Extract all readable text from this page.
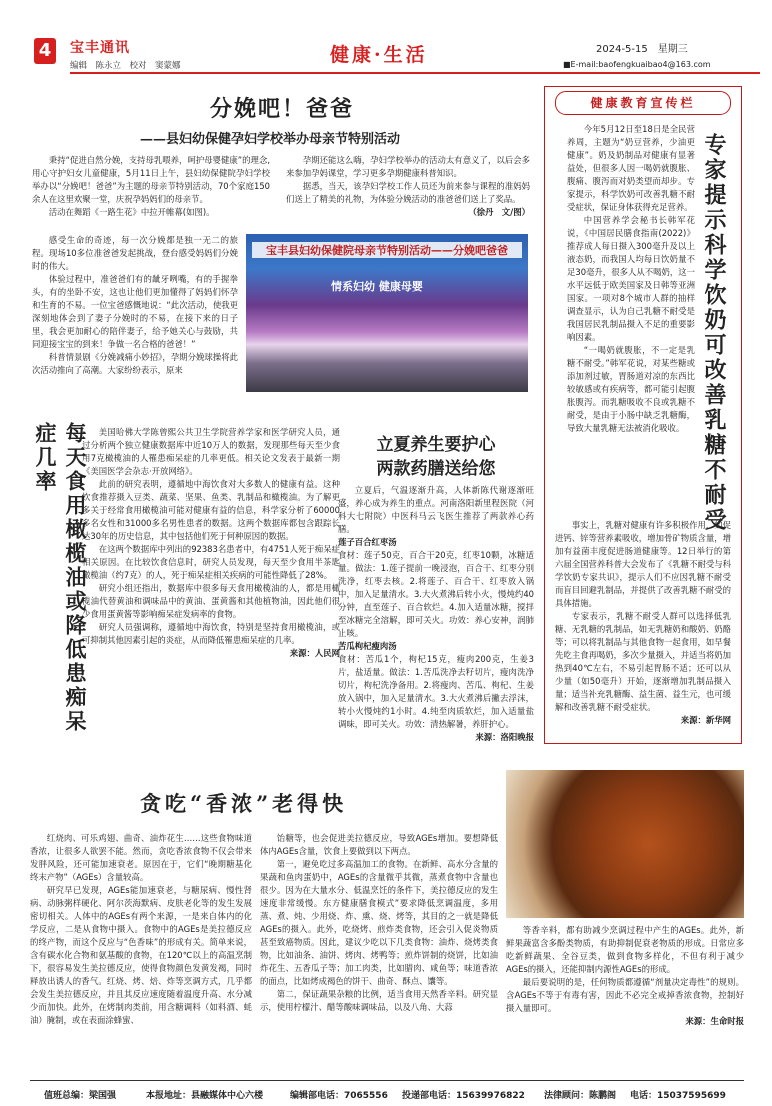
4	宝丰通讯
编辑　陈永立　校对　窦蒙娜	健康·生活	2024-5-15　星期三
■E-mail:baofengkuaibao4@163.com
分娩吧！爸爸
——县妇幼保健孕妇学校举办母亲节特别活动

秉持“促进自然分娩，支持母乳喂养，呵护母婴健康”的理念,用心守护妇女儿童健康，5月11日上午，县妇幼保健院孕妇学校举办以“分娩吧！爸爸”为主题的母亲节特别活动，70个家庭150余人在这里欢聚一堂，庆祝孕妈妈们的母亲节。

活动在舞蹈《一路生花》中拉开帷幕(如图)。

宝丰县妇幼保健院母亲节特别活动——分娩吧爸爸
情系妇幼 健康母婴

感受生命的奇迹，每一次分娩都是独一无二的旅程。现场10多位准爸爸发起挑战，登台感受妈妈们分娩时的伟大。

体验过程中，准爸爸们有的龇牙咧嘴，有的手握拳头，有的坐卧不安，这也让他们更加懂得了妈妈们怀孕和生育的不易。一位宝爸感慨地说：“此次活动，使我更深刻地体会到了妻子分娩时的不易，在接下来的日子里，我会更加耐心的陪伴妻子，给予她关心与鼓励，共同迎接宝宝的到来！争做一名合格的爸爸！”

科普情景剧《分娩减痛小妙招》，孕期分娩球操将此次活动推向了高潮。大家纷纷表示，原来

孕期还能这么嗨，孕妇学校举办的活动太有意义了，以后会多来参加孕妈课堂，学习更多孕期健康科普知识。

据悉，当天，该孕妇学校工作人员还为前来参与课程的准妈妈们送上了精美的礼物，为体验分娩活动的准爸爸们送上了奖品。

（徐丹　文/图）
健康教育宣传栏

今年5月12日至18日是全民营养周，主题为“奶豆营养，少油更健康”。奶及奶制品对健康有显著益处，但很多人因一喝奶就腹胀、腹痛、腹泻而对奶类望而却步。专家提示，科学饮奶可改善乳糖不耐受症状，保证身体获得充足营养。

中国营养学会秘书长韩军花说，《中国居民膳食指南(2022)》推荐成人每日摄入300毫升及以上液态奶，而我国人均每日饮奶量不足30毫升，很多人从不喝奶，这一水平远低于欧美国家及日韩等亚洲国家。一项对8个城市人群的抽样调查显示，认为自己乳糖不耐受是我国居民乳制品摄入不足的重要影响因素。

“一喝奶就腹胀，不一定是乳糖不耐受。”韩军花说，对某些糖或添加剂过敏，胃肠道对凉的东西比较敏感或有疾病等，都可能引起腹胀腹泻。而乳糖吸收不良或乳糖不耐受，是由于小肠中缺乏乳糖酶，导致大量乳糖无法被消化吸收。 专家提示科学饮奶可改善乳糖不耐受

事实上，乳糖对健康有许多积极作用，如促进钙、锌等营养素吸收，增加骨矿物质含量，增加有益菌丰度促进肠道健康等。12日举行的第六届全国营养科普大会发布了《乳糖不耐受与科学饮奶专家共识》，提示人们不应因乳糖不耐受而盲目回避乳制品，并提供了改善乳糖不耐受的具体措施。

专家表示，乳糖不耐受人群可以选择低乳糖、无乳糖的乳制品，如无乳糖奶和酸奶、奶酪等；可以将乳制品与其他食物一起食用，如早餐先吃主食再喝奶，多次少量摄入，并适当将奶加热到40℃左右，不易引起胃肠不适；还可以从少量（如50毫升）开始，逐渐增加乳制品摄入量；适当补充乳糖酶、益生菌、益生元，也可缓解和改善乳糖不耐受症状。

来源：新华网
每天食用橄榄油或降低患痴呆症几率	美国哈佛大学陈曾熙公共卫生学院营养学家和医学研究人员，通过分析两个独立健康数据库中近10万人的数据，发现那些每天至少食用7克橄榄油的人罹患痴呆症的几率更低。相关论文发表于最新一期《美国医学会杂志·开放网络》。

此前的研究表明，遵循地中海饮食对大多数人的健康有益。这种饮食推荐摄入豆类、蔬菜、坚果、鱼类、乳制品和橄榄油。为了解更多关于经常食用橄榄油可能对健康有益的信息，科学家分析了60000多名女性和31000多名男性患者的数据。这两个数据库都包含跟踪长达30年的历史信息，其中包括他们死于何种原因的数据。

在这两个数据库中列出的92383名患者中，有4751人死于痴呆症相关原因。在比较饮食信息时，研究人员发现，每天至少食用半茶匙橄榄油（约7克）的人，死于痴呆症相关疾病的可能性降低了28%。

研究小组还指出，数据库中很多每天食用橄榄油的人，都是用橄榄油代替黄油和调味品中的黄油、蛋黄酱和其他植物油，因此他们很少食用蛋黄酱等影响痴呆症发病率的食物。

研究人员强调称，遵循地中海饮食，特别是坚持食用橄榄油，或可抑制其他因素引起的炎症，从而降低罹患痴呆症的几率。

来源：人民网
立夏养生要护心
两款药膳送给您

立夏后，气温逐渐升高，人体新陈代谢逐渐旺盛，养心成为养生的重点。河南洛阳新里程医院（河科大七附院）中医科马云飞医生推荐了两款养心药膳。

莲子百合红枣汤

食材：莲子50克，百合干20克，红枣10颗，冰糖适量。做法：1.莲子提前一晚浸泡，百合干、红枣分别洗净，红枣去核。2.将莲子、百合干、红枣放入锅中，加入足量清水。3.大火煮沸后转小火，慢炖约40分钟，直至莲子、百合软烂。4.加入适量冰糖，搅拌至冰糖完全溶解，即可关火。功效：养心安神，润肺止咳。

苦瓜枸杞瘦肉汤

食材：苦瓜1个，枸杞15克，瘦肉200克，生姜3片，盐适量。做法：1.苦瓜洗净去籽切片，瘦肉洗净切片，枸杞洗净备用。2.将瘦肉、苦瓜、枸杞、生姜放入锅中，加入足量清水。3.大火煮沸后撇去浮沫，转小火慢炖约1小时。4.纯至肉质软烂，加入适量盐调味，即可关火。功效：清热解暑，养肝护心。

来源：洛阳晚报
贪吃“香浓”老得快

红烧肉、可乐鸡翅、曲奇、油炸花生……这些食物味道香浓，让很多人欲罢不能。然而，贪吃香浓食物不仅会带来发胖风险，还可能加速衰老。原因在于，它们“晚期糖基化终末产物”（AGEs）含量较高。

研究早已发现，AGEs能加速衰老，与糖尿病、慢性肾病、动脉粥样硬化、阿尔茨海默病、皮肤老化等的发生发展密切相关。人体中的AGEs有两个来源，一是来自体内的化学反应，二是从食物中摄入。食物中的AGEs是美拉德反应的终产物，而这个反应与“色香味”的形成有关。简单来说，含有碳水化合物和氨基酸的食物，在120℃以上的高温烹制下，很容易发生美拉德反应，使得食物颜色发黄发褐，同时释放出诱人的香气。红烧、烤、焙、炸等烹调方式，几乎都会发生美拉德反应，并且其反应速度随着温度升高、水分减少而加快。此外，在烤制肉类前，用含糖调料（如料酒、蚝油）腌制，或在表面涂蜂蜜、

饴糖等，也会促进美拉德反应，导致AGEs增加。要想降低体内AGEs含量，饮食上要做到以下两点。

第一，避免吃过多高温加工的食物。在新鲜、高水分含量的果蔬和鱼肉蛋奶中，AGEs的含量微乎其微，蒸煮食物中含量也很少。因为在大量水分、低温烹饪的条件下，美拉德反应的发生速度非常缓慢。东方健康膳食模式”要求降低烹调温度，多用蒸、煮、炖、少用烧、炸、熏、烧、烤等，其目的之一就是降低AGEs的摄入。此外，吃烧烤、煎炸类食物，还会引入促炎物质甚至致癌物质。因此，建议少吃以下几类食物：油炸、烧烤类食物，比如油条、油饼、烤肉、烤鸭等；煎炸饼制的烧饼，比如油炸花生、五香瓜子等；加工肉类，比如腊肉、咸鱼等；味道香浓的面点，比如烤成褐色的饼干、曲奇、酥点、馕等。

第二，保证蔬果杂粮的比例，适当食用天然香辛料。研究显示，使用柠檬汁、醋等酸味调味品，以及八角、大蒜

等香辛料，都有助减少烹调过程中产生的AGEs。此外，新鲜果蔬富含多酚类物质，有助抑制促衰老物质的形成。日常应多吃新鲜蔬果、全谷豆类，做到食物多样化，不但有利于减少AGEs的摄入，还能抑制内源性AGEs的形成。

最后要说明的是，任何物质都遵循“剂量决定毒性”的规则。含AGEs不等于有毒有害，因此不必完全戒掉香浓食物，控制好摄入量即可。

来源：生命时报
值班总编：梁国强	本报地址：县融媒体中心六楼	编辑部电话：7065556 投递部电话：15639976822 法律顾问：陈鹏阁 电话：15037595699
